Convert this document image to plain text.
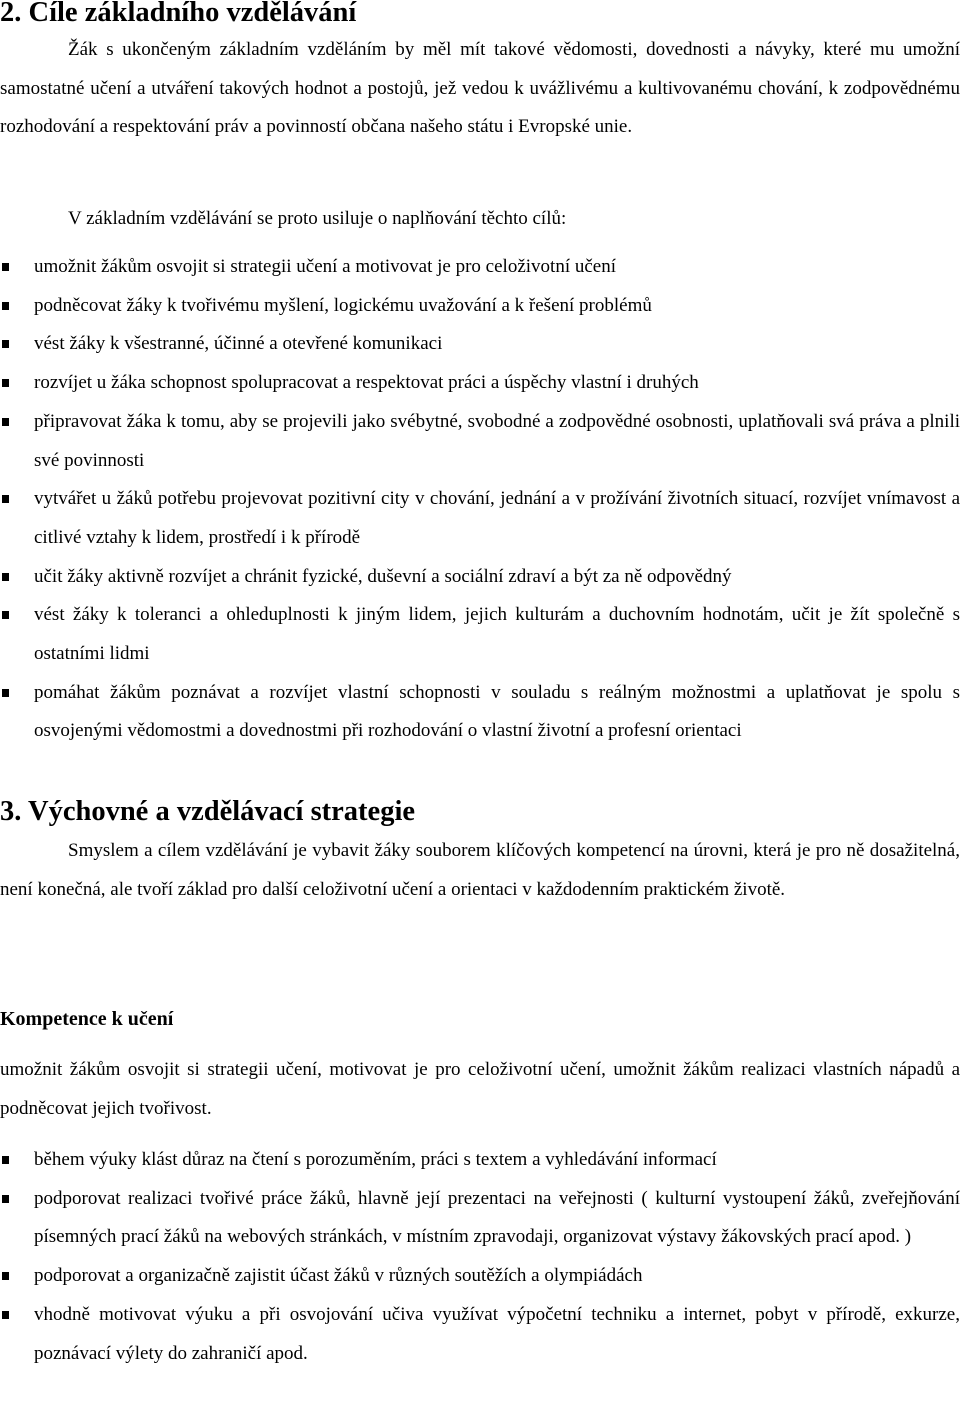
2. Cíle základního vzdělávání

Žák s ukončeným základním vzděláním by měl mít takové vědomosti, dovednosti a návyky, které mu umožní samostatné učení a utváření takových hodnot a postojů, jež vedou k uvážlivému a kultivovanému chování, k zodpovědnému rozhodování a respektování práv a povinností občana našeho státu i Evropské unie.

V základním vzdělávání se proto usiluje o naplňování těchto cílů:

umožnit žákům osvojit si strategii učení a motivovat je pro celoživotní učení
podněcovat žáky k tvořivému myšlení, logickému uvažování a k řešení problémů
vést žáky k všestranné, účinné a otevřené komunikaci
rozvíjet u žáka schopnost spolupracovat a respektovat práci a úspěchy vlastní i druhých
připravovat žáka k tomu, aby se projevili jako svébytné, svobodné a zodpovědné osobnosti, uplatňovali svá práva a plnili své povinnosti
vytvářet u žáků potřebu projevovat pozitivní city v chování, jednání a v prožívání životních situací, rozvíjet vnímavost a citlivé vztahy k lidem, prostředí i k přírodě
učit žáky aktivně rozvíjet a chránit fyzické, duševní a sociální zdraví a být za ně odpovědný
vést žáky k toleranci a ohleduplnosti k jiným lidem, jejich kulturám a duchovním hodnotám, učit je žít společně s ostatními lidmi
pomáhat žákům poznávat a rozvíjet vlastní schopnosti v souladu s reálným možnostmi a uplatňovat je spolu s osvojenými vědomostmi a dovednostmi při rozhodování o vlastní životní a profesní orientaci
3. Výchovné a vzdělávací strategie

Smyslem a cílem vzdělávání je vybavit žáky souborem klíčových kompetencí na úrovni, která je pro ně dosažitelná, není konečná, ale tvoří základ pro další celoživotní učení a orientaci v každodenním praktickém životě.

Kompetence k učení

umožnit žákům osvojit si strategii učení, motivovat je pro celoživotní učení, umožnit žákům realizaci vlastních nápadů a podněcovat jejich tvořivost.

během výuky klást důraz na čtení s porozuměním, práci s textem a vyhledávání informací
podporovat realizaci tvořivé práce žáků, hlavně její prezentaci na veřejnosti ( kulturní vystoupení žáků, zveřejňování písemných prací žáků na webových stránkách, v místním zpravodaji, organizovat výstavy žákovských prací apod. )
podporovat a organizačně zajistit účast žáků v různých soutěžích a olympiádách
vhodně motivovat výuku a při osvojování učiva využívat výpočetní techniku a internet, pobyt v přírodě, exkurze, poznávací výlety do zahraničí apod.
